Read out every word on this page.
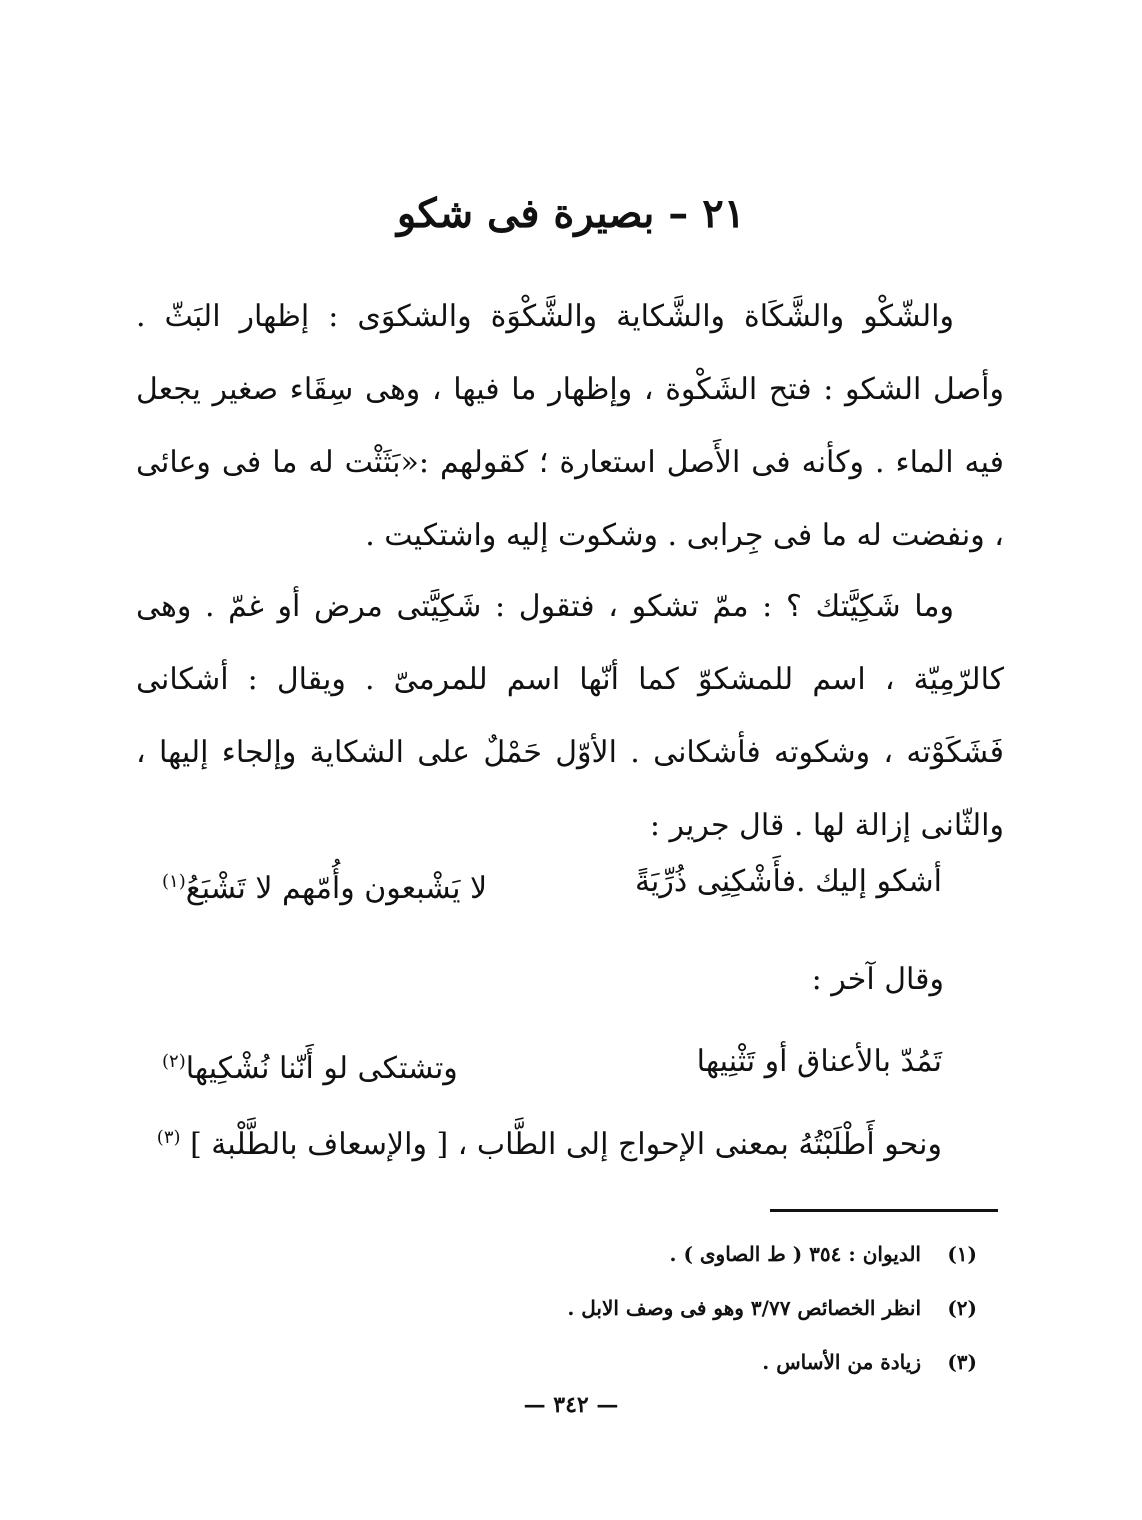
٢١ – بصيرة فى شكو

والشّكْو والشَّكَاة والشَّكاية والشَّكْوَة والشكوَى : إظهار البَثّ . وأصل الشكو : فتح الشَكْوة ، وإظهار ما فيها ، وهى سِقَاء صغير يجعل فيه الماء . وكأنه فى الأَصل استعارة ؛ كقولهم :«بَثَثْت له ما فى وعائى ، ونفضت له ما فى جِرابى . وشكوت إليه واشتكيت .

وما شَكِيَّتك ؟ : ممّ تشكو ، فتقول : شَكِيَّتى مرض أو غمّ . وهى كالرّمِيّة ، اسم للمشكوّ كما أنّها اسم للمرمىّ . ويقال : أشكانى فَشَكَوْته ، وشكوته فأشكانى . الأوّل حَمْلٌ على الشكاية وإلجاء إليها ، والثّانى إزالة لها . قال جرير :

أشكو إليك .فأَشْكِنِى ذُرِّيَةً
لا يَشْبعون وأُمّهم لا تَشْبَعُ$^{(١)}$
وقال آخر :
تَمُدّ بالأعناق أو تَثْنِيها
وتشتكى لو أَنّنا نُشْكِيها$^{(٢)}$
ونحو أَطْلَبْتُهُ بمعنى الإحواج إلى الطَّاب ، [ والإسعاف بالطَّلْبة ] $^{(٣)}$
(١)الديوان : ٣٥٤ ( ط الصاوى ) .
(٢)انظر الخصائص ٣/٧٧ وهو فى وصف الابل .
(٣)زيادة من الأساس .
— ٣٤٢ —
